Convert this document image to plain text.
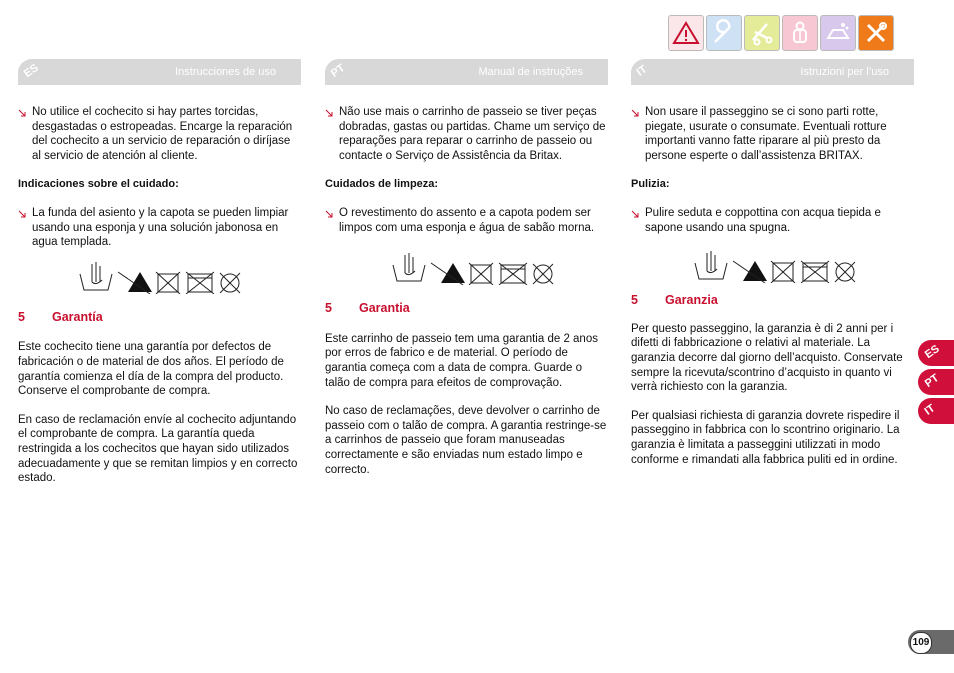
ES	Instrucciones de uso
No utilice el cochecito si hay partes torcidas, desgastadas o estropeadas. Encarge la reparación del cochecito a un servicio de reparación o diríjase al servicio de atención al cliente.
Indicaciones sobre el cuidado:
La funda del asiento y la capota se pueden limpiar usando una esponja y una solución jabonosa en agua templada.
5 Garantía

Este cochecito tiene una garantía por defectos de fabricación o de material de dos años. El período de garantía comienza el día de la compra del producto. Conserve el comprobante de compra.

En caso de reclamación envíe al cochecito adjuntando el comprobante de compra. La garantía queda restringida a los cochecitos que hayan sido utilizados adecuadamente y que se remitan limpios y en correcto estado.

PT	Manual de instruções
Não use mais o carrinho de passeio se tiver peças dobradas, gastas ou partidas. Chame um serviço de reparações para reparar o carrinho de passeio ou contacte o Serviço de Assistência da Britax.
Cuidados de limpeza:
O revestimento do assento e a capota podem ser limpos com uma esponja e água de sabão morna.
5 Garantia

Este carrinho de passeio tem uma garantia de 2 anos por erros de fabrico e de material. O período de garantia começa com a data de compra. Guarde o talão de compra para efeitos de comprovação.

No caso de reclamações, deve devolver o carrinho de passeio com o talão de compra. A garantia restringe-se a carrinhos de passeio que foram manuseadas correctamente e são enviadas num estado limpo e correcto.

IT	Istruzioni per l’uso
Non usare il passeggino se ci sono parti rotte, piegate, usurate o consumate. Eventuali rotture importanti vanno fatte riparare al più presto da persone esperte o dall’assistenza BRITAX.
Pulizia:
Pulire seduta e coppottina con acqua tiepida e sapone usando una spugna.
5 Garanzia

Per questo passeggino, la garanzia è di 2 anni per i difetti di fabbricazione o relativi al materiale. La garanzia decorre dal giorno dell’acquisto. Conservate sempre la ricevuta/scontrino d’acquisto in quanto vi verrà richiesto con la garanzia.

Per qualsiasi richiesta di garanzia dovrete rispedire il passeggino in fabbrica con lo scontrino originario. La garanzia è limitata a passeggini utilizzati in modo conforme e rimandati alla fabbrica puliti ed in ordine.

ES
PT
IT
109
